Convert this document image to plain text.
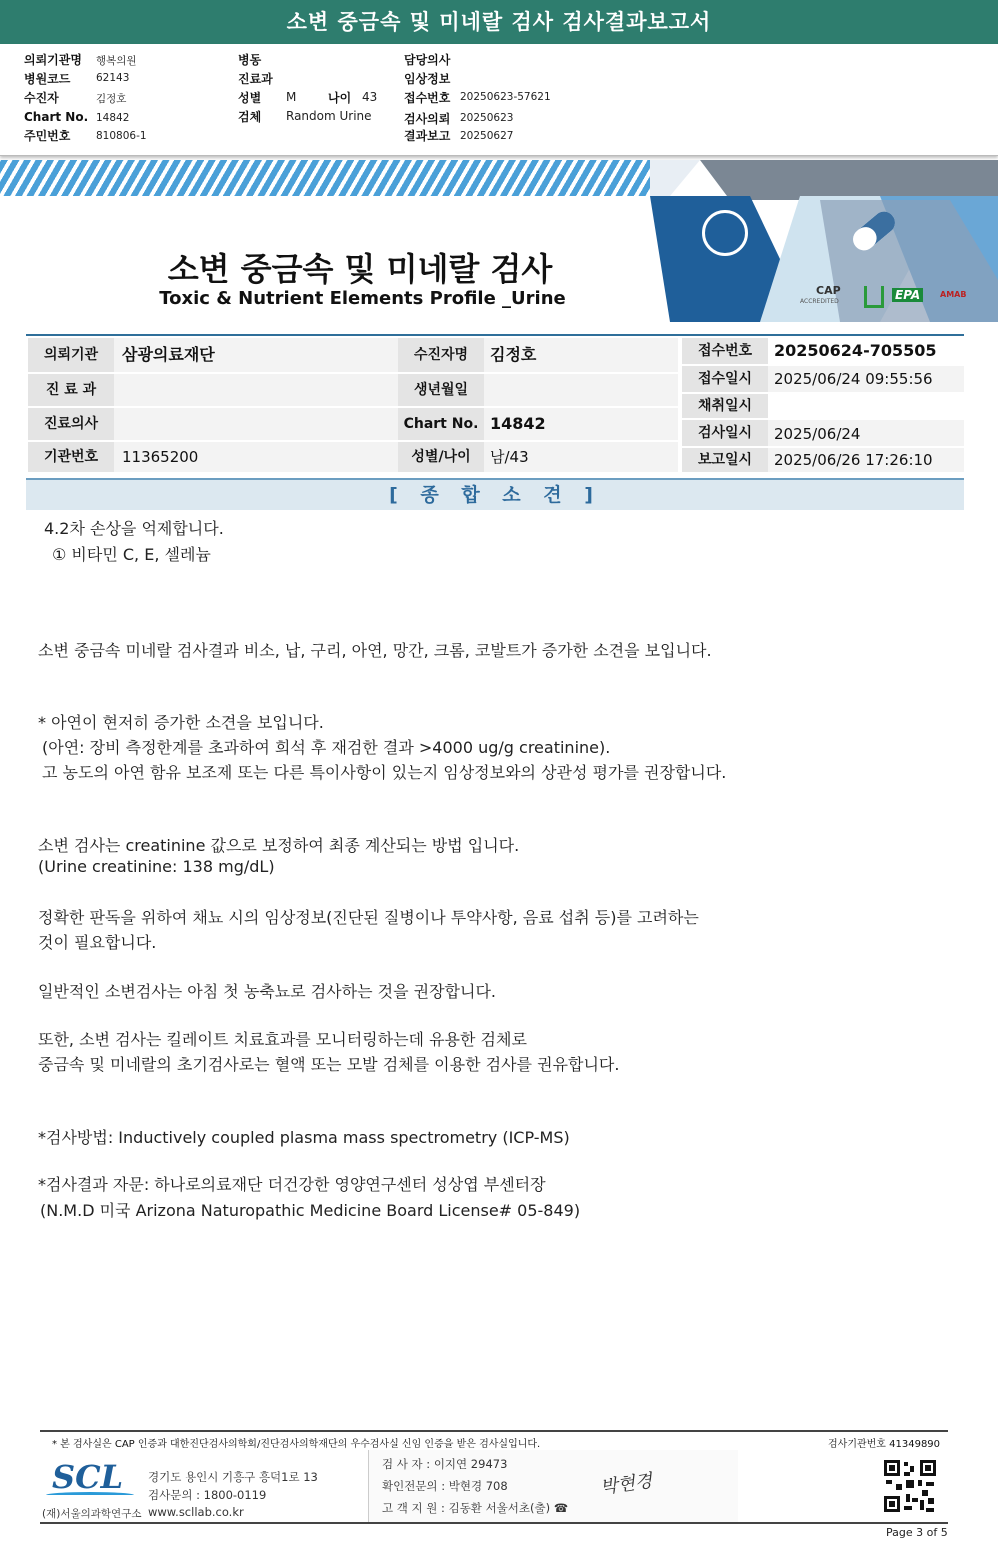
소변 중금속 및 미네랄 검사 검사결과보고서
의뢰기관명 행복의원
병원코드 62143
수진자	김정호
Chart No. 14842
주민번호 810806-1
병동
진료과
성별 M	나이 43
검체 Random Urine
담당의사
임상정보
접수번호 20250623-57621
검사의뢰 20250623
결과보고 20250627
CAP
ACCREDITED	EPA	AMAB
소변 중금속 및 미네랄 검사
Toxic & Nutrient Elements Profile _Urine
의뢰기관	삼광의료재단
진 료 과
진료의사
기관번호	11365200
수진자명	김정호
생년월일
Chart No. 14842
성별/나이	남/43
접수번호	20250624-705505
접수일시	2025/06/24 09:55:56
채취일시
검사일시	2025/06/24
보고일시	2025/06/26 17:26:10
[ 종 합 소 견 ]
4.2차 손상을 억제합니다.
① 비타민 C, E, 셀레늄
소변 중금속 미네랄 검사결과 비소, 납, 구리, 아연, 망간, 크롬, 코발트가 증가한 소견을 보입니다.
* 아연이 현저히 증가한 소견을 보입니다.
(아연: 장비 측정한계를 초과하여 희석 후 재검한 결과 >4000 ug/g creatinine).
고 농도의 아연 함유 보조제 또는 다른 특이사항이 있는지 임상정보와의 상관성 평가를 권장합니다.
소변 검사는 creatinine 값으로 보정하여 최종 계산되는 방법 입니다.
(Urine creatinine: 138 mg/dL)
정확한 판독을 위하여 채뇨 시의 임상정보(진단된 질병이나 투약사항, 음료 섭취 등)를 고려하는
것이 필요합니다.
일반적인 소변검사는 아침 첫 농축뇨로 검사하는 것을 권장합니다.
또한, 소변 검사는 킬레이트 치료효과를 모니터링하는데 유용한 검체로
중금속 및 미네랄의 초기검사로는 혈액 또는 모발 검체를 이용한 검사를 권유합니다.
*검사방법: Inductively coupled plasma mass spectrometry (ICP-MS)
*검사결과 자문: 하나로의료재단 더건강한 영양연구센터 성상엽 부센터장
(N.M.D 미국 Arizona Naturopathic Medicine Board License# 05-849)
* 본 검사실은 CAP 인증과 대한진단검사의학회/진단검사의학재단의 우수검사실 신임 인증을 받은 검사실입니다.	검사기관번호 41349890
SCL
(재)서울의과학연구소
경기도 용인시 기흥구 흥덕1로 13
검사문의 : 1800-0119
www.scllab.co.kr
검 사 자 : 이지연 29473
확인전문의 : 박현경 708
고 객 지 원 : 김동환 서울서초(출) ☎
박현경
Page 3 of 5
